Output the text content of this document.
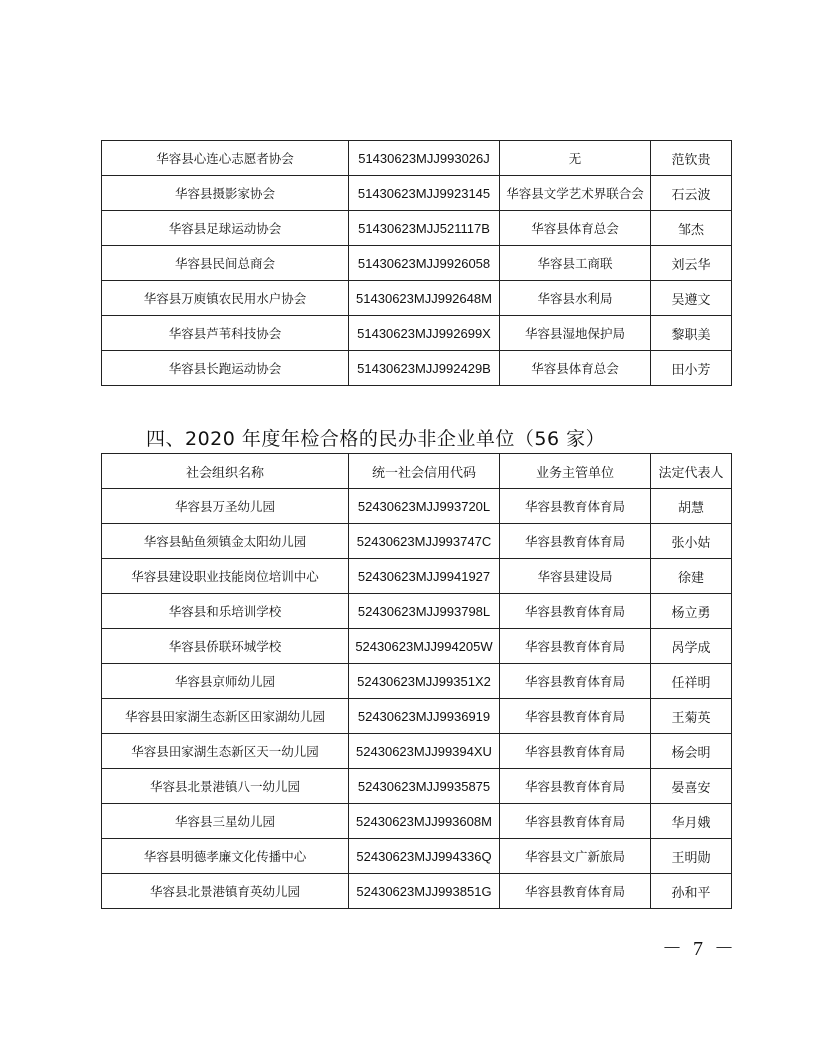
华容县心连心志愿者协会	51430623MJJ993026J	无	范钦贵
华容县摄影家协会	51430623MJJ9923145	华容县文学艺术界联合会	石云波
华容县足球运动协会	51430623MJJ521117B	华容县体育总会	邹杰
华容县民间总商会	51430623MJJ9926058	华容县工商联	刘云华
华容县万庾镇农民用水户协会	51430623MJJ992648M	华容县水利局	吴遵文
华容县芦苇科技协会	51430623MJJ992699X	华容县湿地保护局	黎职美
华容县长跑运动协会	51430623MJJ992429B	华容县体育总会	田小芳
四、2020 年度年检合格的民办非企业单位（56 家）
社会组织名称	统一社会信用代码	业务主管单位	法定代表人
华容县万圣幼儿园	52430623MJJ993720L	华容县教育体育局	胡慧
华容县鲇鱼须镇金太阳幼儿园	52430623MJJ993747C	华容县教育体育局	张小姑
华容县建设职业技能岗位培训中心	52430623MJJ9941927	华容县建设局	徐建
华容县和乐培训学校	52430623MJJ993798L	华容县教育体育局	杨立勇
华容县侨联环城学校	52430623MJJ994205W	华容县教育体育局	呙学成
华容县京师幼儿园	52430623MJJ99351X2	华容县教育体育局	任祥明
华容县田家湖生态新区田家湖幼儿园	52430623MJJ9936919	华容县教育体育局	王菊英
华容县田家湖生态新区天一幼儿园	52430623MJJ99394XU	华容县教育体育局	杨会明
华容县北景港镇八一幼儿园	52430623MJJ9935875	华容县教育体育局	晏喜安
华容县三星幼儿园	52430623MJJ993608M	华容县教育体育局	华月娥
华容县明德孝廉文化传播中心	52430623MJJ994336Q	华容县文广新旅局	王明勋
华容县北景港镇育英幼儿园	52430623MJJ993851G	华容县教育体育局	孙和平
－ 7 －
